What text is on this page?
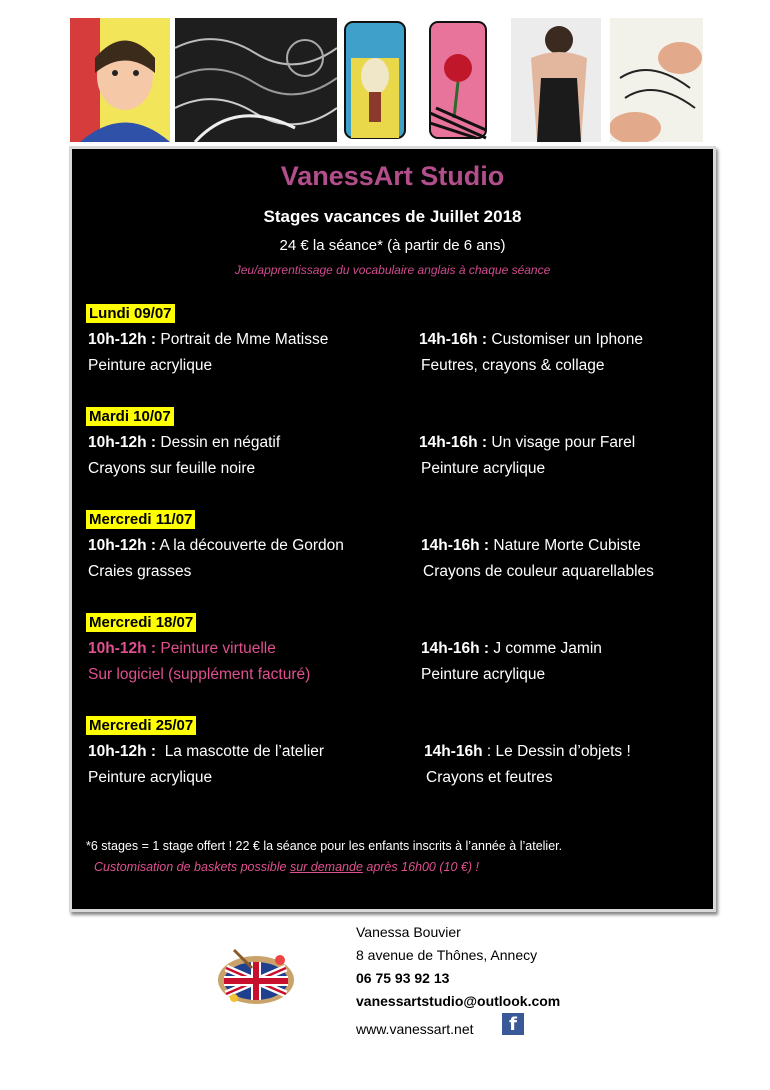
VanessArt Studio
Stages vacances de Juillet 2018
24 € la séance* (à partir de 6 ans)
Jeu/apprentissage du vocabulaire anglais à chaque séance
Lundi 09/07
10h-12h : Portrait de Mme Matisse
Peinture acrylique
14h-16h : Customiser un Iphone
Feutres, crayons & collage
Mardi 10/07
10h-12h : Dessin en négatif
Crayons sur feuille noire
14h-16h : Un visage pour Farel
Peinture acrylique
Mercredi 11/07
10h-12h : A la découverte de Gordon
Craies grasses
14h-16h : Nature Morte Cubiste
Crayons de couleur aquarellables
Mercredi 18/07
10h-12h : Peinture virtuelle
Sur logiciel (supplément facturé)
14h-16h : J comme Jamin
Peinture acrylique
Mercredi 25/07
10h-12h : La mascotte de l’atelier
Peinture acrylique
14h-16h : Le Dessin d’objets !
Crayons et feutres
*6 stages = 1 stage offert ! 22 € la séance pour les enfants inscrits à l’année à l’atelier.
Customisation de baskets possible sur demande après 16h00 (10 €) !
Vanessa Bouvier
8 avenue de Thônes, Annecy
06 75 93 92 13
vanessartstudio@outlook.com
www.vanessart.net	f
